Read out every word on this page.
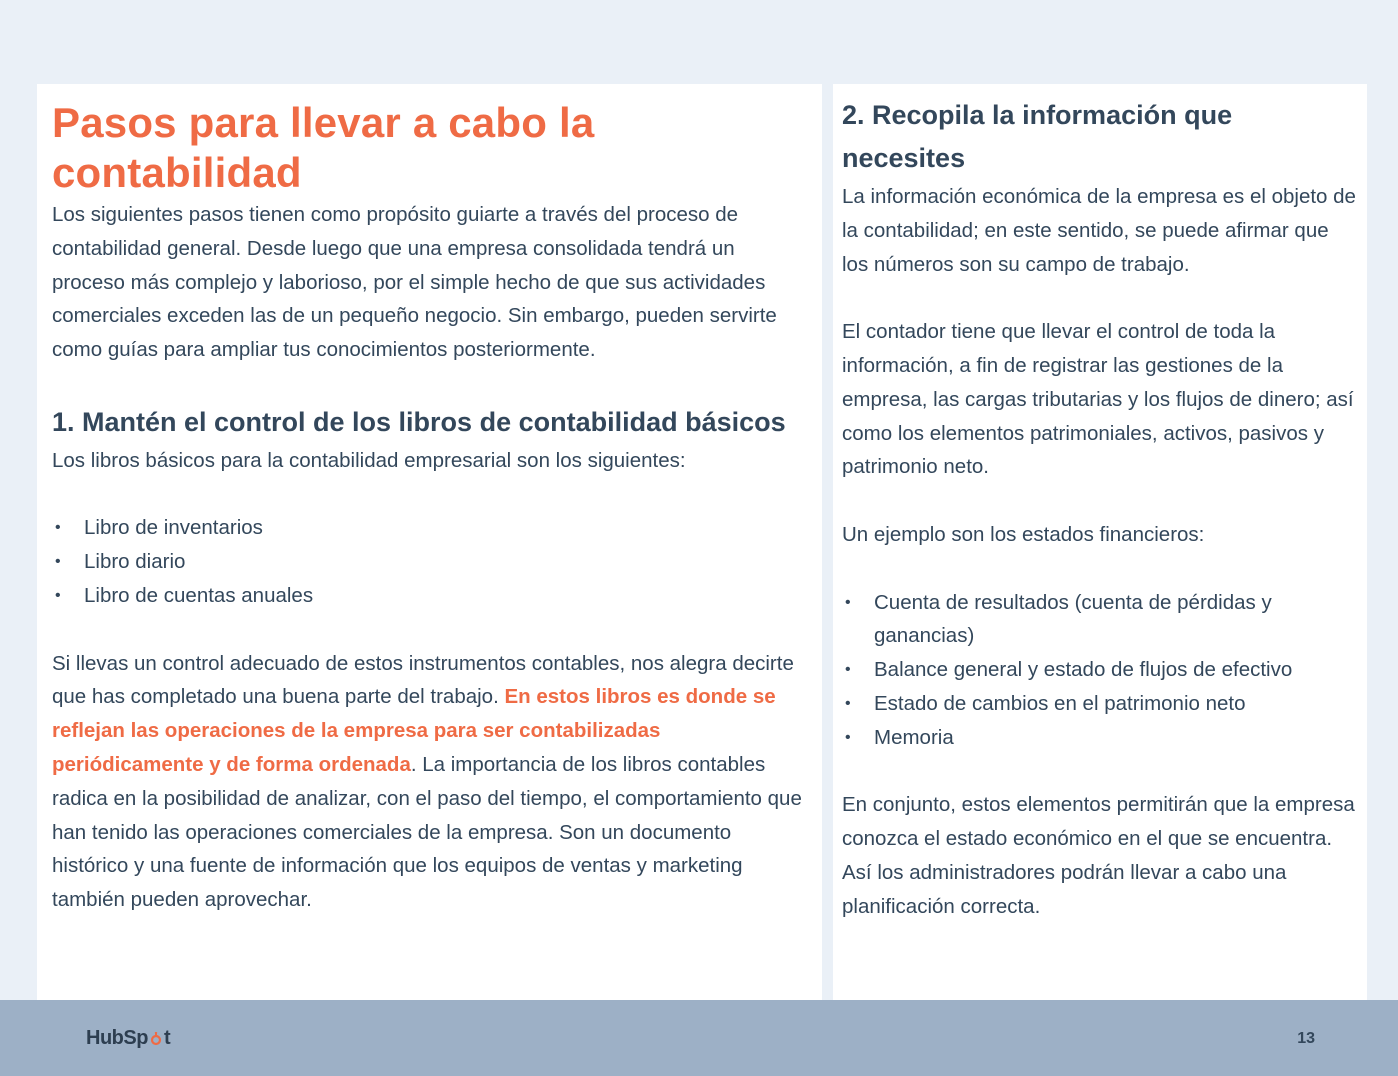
Pasos para llevar a cabo la contabilidad

Los siguientes pasos tienen como propósito guiarte a través del proceso de contabilidad general. Desde luego que una empresa consolidada tendrá un proceso más complejo y laborioso, por el simple hecho de que sus actividades comerciales exceden las de un pequeño negocio. Sin embargo, pueden servirte como guías para ampliar tus conocimientos posteriormente.

1. Mantén el control de los libros de contabilidad básicos

Los libros básicos para la contabilidad empresarial son los siguientes:

• Libro de inventarios
• Libro diario
• Libro de cuentas anuales

Si llevas un control adecuado de estos instrumentos contables, nos alegra decirte que has completado una buena parte del trabajo. En estos libros es donde se reflejan las operaciones de la empresa para ser contabilizadas periódicamente y de forma ordenada. La importancia de los libros contables radica en la posibilidad de analizar, con el paso del tiempo, el comportamiento que han tenido las operaciones comerciales de la empresa. Son un documento histórico y una fuente de información que los equipos de ventas y marketing también pueden aprovechar.

2. Recopila la información que necesites

La información económica de la empresa es el objeto de la contabilidad; en este sentido, se puede afirmar que los números son su campo de trabajo.

El contador tiene que llevar el control de toda la información, a fin de registrar las gestiones de la empresa, las cargas tributarias y los flujos de dinero; así como los elementos patrimoniales, activos, pasivos y patrimonio neto.

Un ejemplo son los estados financieros:

• Cuenta de resultados (cuenta de pérdidas y ganancias)
• Balance general y estado de flujos de efectivo
• Estado de cambios en el patrimonio neto
• Memoria

En conjunto, estos elementos permitirán que la empresa conozca el estado económico en el que se encuentra. Así los administradores podrán llevar a cabo una planificación correcta.

HubSp t	13
